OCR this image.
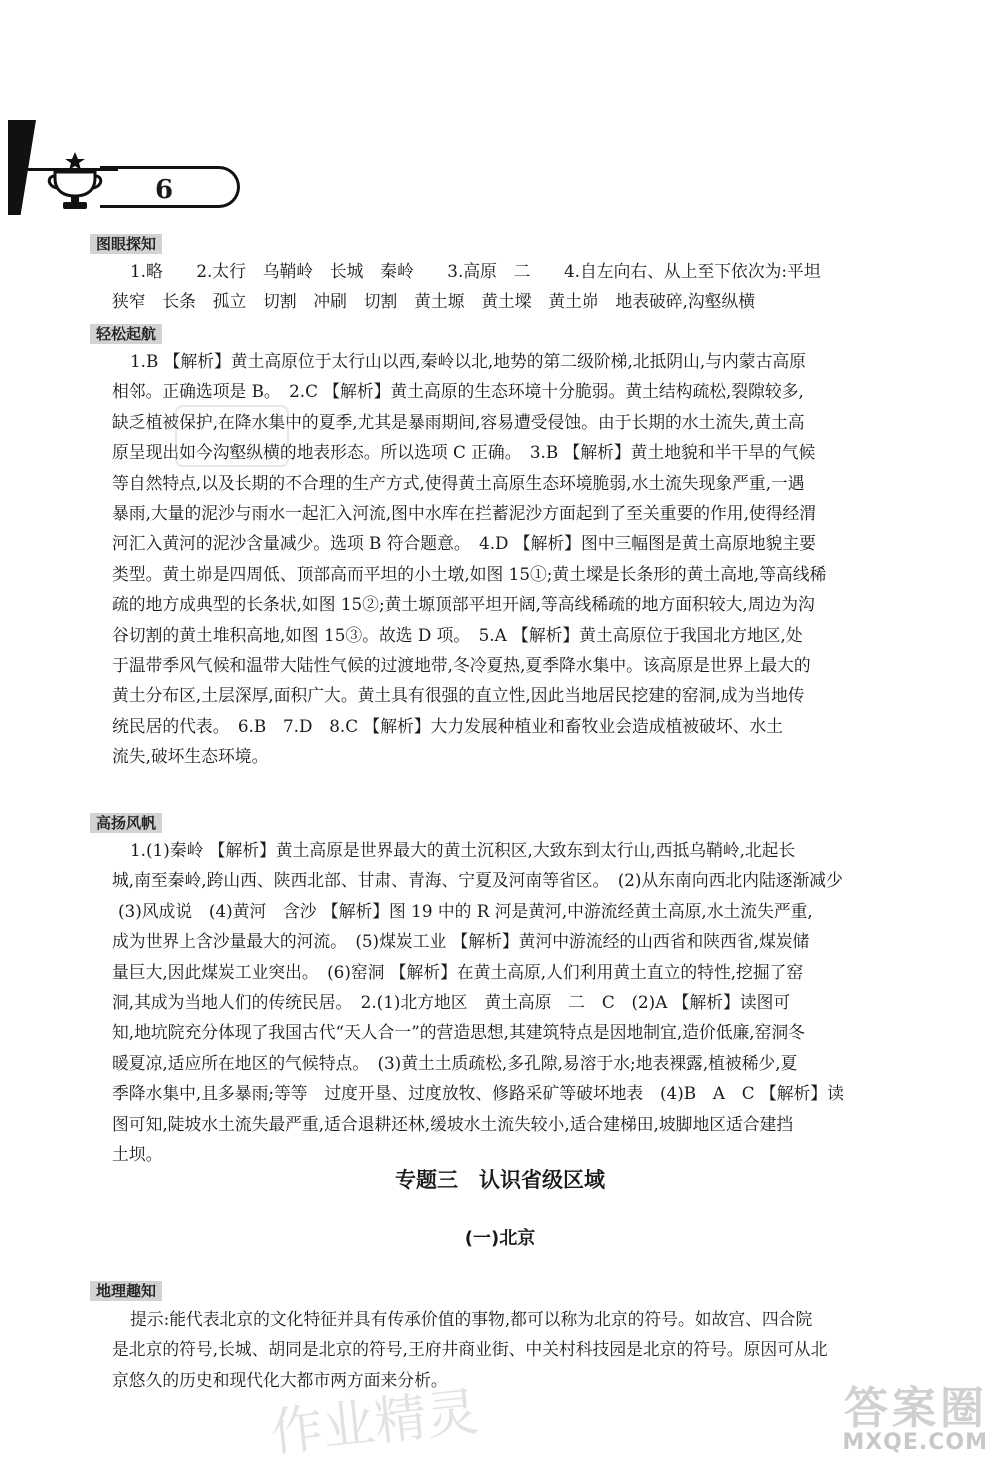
6
图眼探知
1.略　　2.太行　乌鞘岭　长城　秦岭　　3.高原　二　　4.自左向右、从上至下依次为:平坦
狭窄　长条　孤立　切割　冲刷　切割　黄土塬　黄土墚　黄土峁　地表破碎,沟壑纵横
轻松起航
1.B 【解析】黄土高原位于太行山以西,秦岭以北,地势的第二级阶梯,北抵阴山,与内蒙古高原
相邻。正确选项是 B。　2.C 【解析】黄土高原的生态环境十分脆弱。黄土结构疏松,裂隙较多,
缺乏植被保护,在降水集中的夏季,尤其是暴雨期间,容易遭受侵蚀。由于长期的水土流失,黄土高
原呈现出如今沟壑纵横的地表形态。所以选项 C 正确。　3.B 【解析】黄土地貌和半干旱的气候
等自然特点,以及长期的不合理的生产方式,使得黄土高原生态环境脆弱,水土流失现象严重,一遇
暴雨,大量的泥沙与雨水一起汇入河流,图中水库在拦蓄泥沙方面起到了至关重要的作用,使得经渭
河汇入黄河的泥沙含量减少。选项 B 符合题意。　4.D 【解析】图中三幅图是黄土高原地貌主要
类型。黄土峁是四周低、顶部高而平坦的小土墩,如图 15①;黄土墚是长条形的黄土高地,等高线稀
疏的地方成典型的长条状,如图 15②;黄土塬顶部平坦开阔,等高线稀疏的地方面积较大,周边为沟
谷切割的黄土堆积高地,如图 15③。故选 D 项。　5.A 【解析】黄土高原位于我国北方地区,处
于温带季风气候和温带大陆性气候的过渡地带,冬冷夏热,夏季降水集中。该高原是世界上最大的
黄土分布区,土层深厚,面积广大。黄土具有很强的直立性,因此当地居民挖建的窑洞,成为当地传
统民居的代表。　6.B　7.D　8.C 【解析】大力发展种植业和畜牧业会造成植被破坏、水土
流失,破坏生态环境。
高扬风帆
1.(1)秦岭 【解析】黄土高原是世界最大的黄土沉积区,大致东到太行山,西抵乌鞘岭,北起长
城,南至秦岭,跨山西、陕西北部、甘肃、青海、宁夏及河南等省区。　(2)从东南向西北内陆逐渐减少
(3)风成说　(4)黄河　含沙 【解析】图 19 中的 R 河是黄河,中游流经黄土高原,水土流失严重,
成为世界上含沙量最大的河流。　(5)煤炭工业 【解析】黄河中游流经的山西省和陕西省,煤炭储
量巨大,因此煤炭工业突出。　(6)窑洞 【解析】在黄土高原,人们利用黄土直立的特性,挖掘了窑
洞,其成为当地人们的传统民居。　2.(1)北方地区　黄土高原　二　C　(2)A 【解析】读图可
知,地坑院充分体现了我国古代“天人合一”的营造思想,其建筑特点是因地制宜,造价低廉,窑洞冬
暖夏凉,适应所在地区的气候特点。　(3)黄土土质疏松,多孔隙,易溶于水;地表裸露,植被稀少,夏
季降水集中,且多暴雨;等等　过度开垦、过度放牧、修路采矿等破坏地表　(4)B　A　C 【解析】读
图可知,陡坡水土流失最严重,适合退耕还林,缓坡水土流失较小,适合建梯田,坡脚地区适合建挡
土坝。
专题三　认识省级区域
(一)北京
地理趣知
提示:能代表北京的文化特征并具有传承价值的事物,都可以称为北京的符号。如故宫、四合院
是北京的符号,长城、胡同是北京的符号,王府井商业街、中关村科技园是北京的符号。原因可从北
京悠久的历史和现代化大都市两方面来分析。
作业精灵	答案圈
MXQE.COM
